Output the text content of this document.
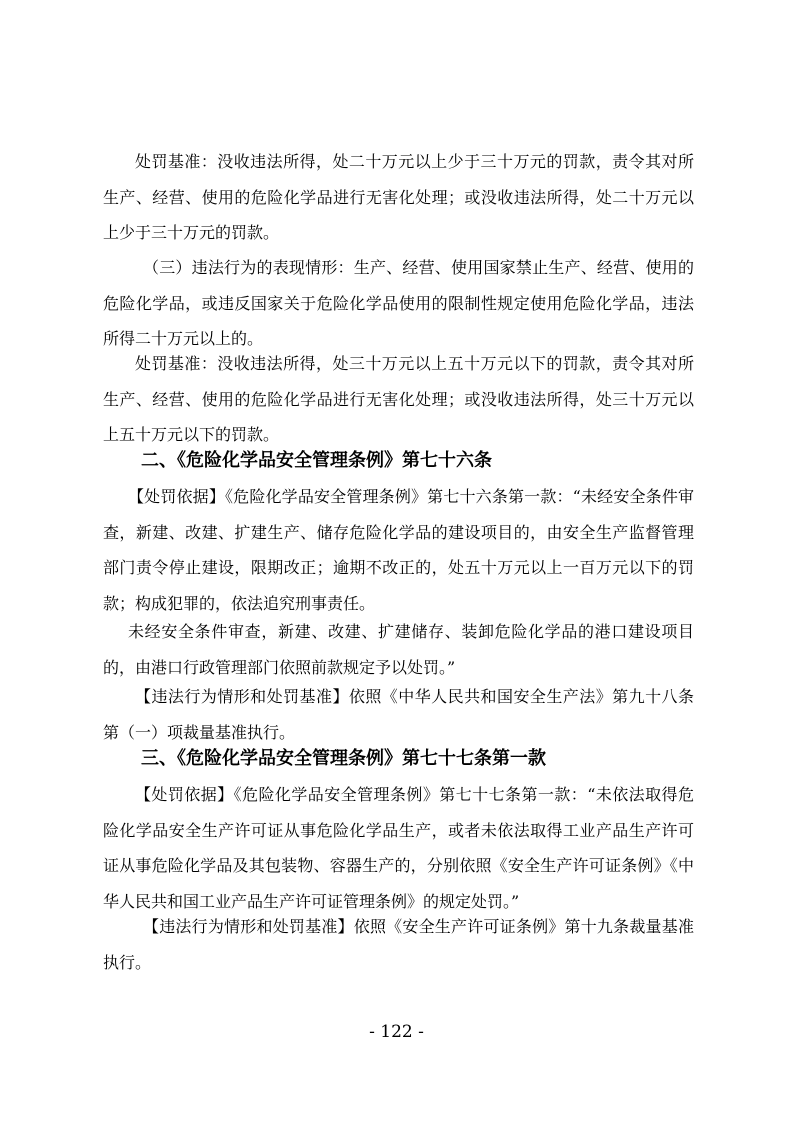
处罚基准：没收违法所得，处二十万元以上少于三十万元的罚款，责令其对所生产、经营、使用的危险化学品进行无害化处理；或没收违法所得，处二十万元以上少于三十万元的罚款。

（三）违法行为的表现情形：生产、经营、使用国家禁止生产、经营、使用的危险化学品，或违反国家关于危险化学品使用的限制性规定使用危险化学品，违法所得二十万元以上的。

处罚基准：没收违法所得，处三十万元以上五十万元以下的罚款，责令其对所生产、经营、使用的危险化学品进行无害化处理；或没收违法所得，处三十万元以上五十万元以下的罚款。

二、《危险化学品安全管理条例》第七十六条

【处罚依据】《危险化学品安全管理条例》第七十六条第一款：“未经安全条件审查，新建、改建、扩建生产、储存危险化学品的建设项目的，由安全生产监督管理部门责令停止建设，限期改正；逾期不改正的，处五十万元以上一百万元以下的罚款；构成犯罪的，依法追究刑事责任。

未经安全条件审查，新建、改建、扩建储存、装卸危险化学品的港口建设项目的，由港口行政管理部门依照前款规定予以处罚。”

【违法行为情形和处罚基准】依照《中华人民共和国安全生产法》第九十八条第（一）项裁量基准执行。

三、《危险化学品安全管理条例》第七十七条第一款

【处罚依据】《危险化学品安全管理条例》第七十七条第一款：“未依法取得危险化学品安全生产许可证从事危险化学品生产，或者未依法取得工业产品生产许可证从事危险化学品及其包装物、容器生产的，分别依照《安全生产许可证条例》《中华人民共和国工业产品生产许可证管理条例》的规定处罚。”

【违法行为情形和处罚基准】依照《安全生产许可证条例》第十九条裁量基准执行。

- 122 -
